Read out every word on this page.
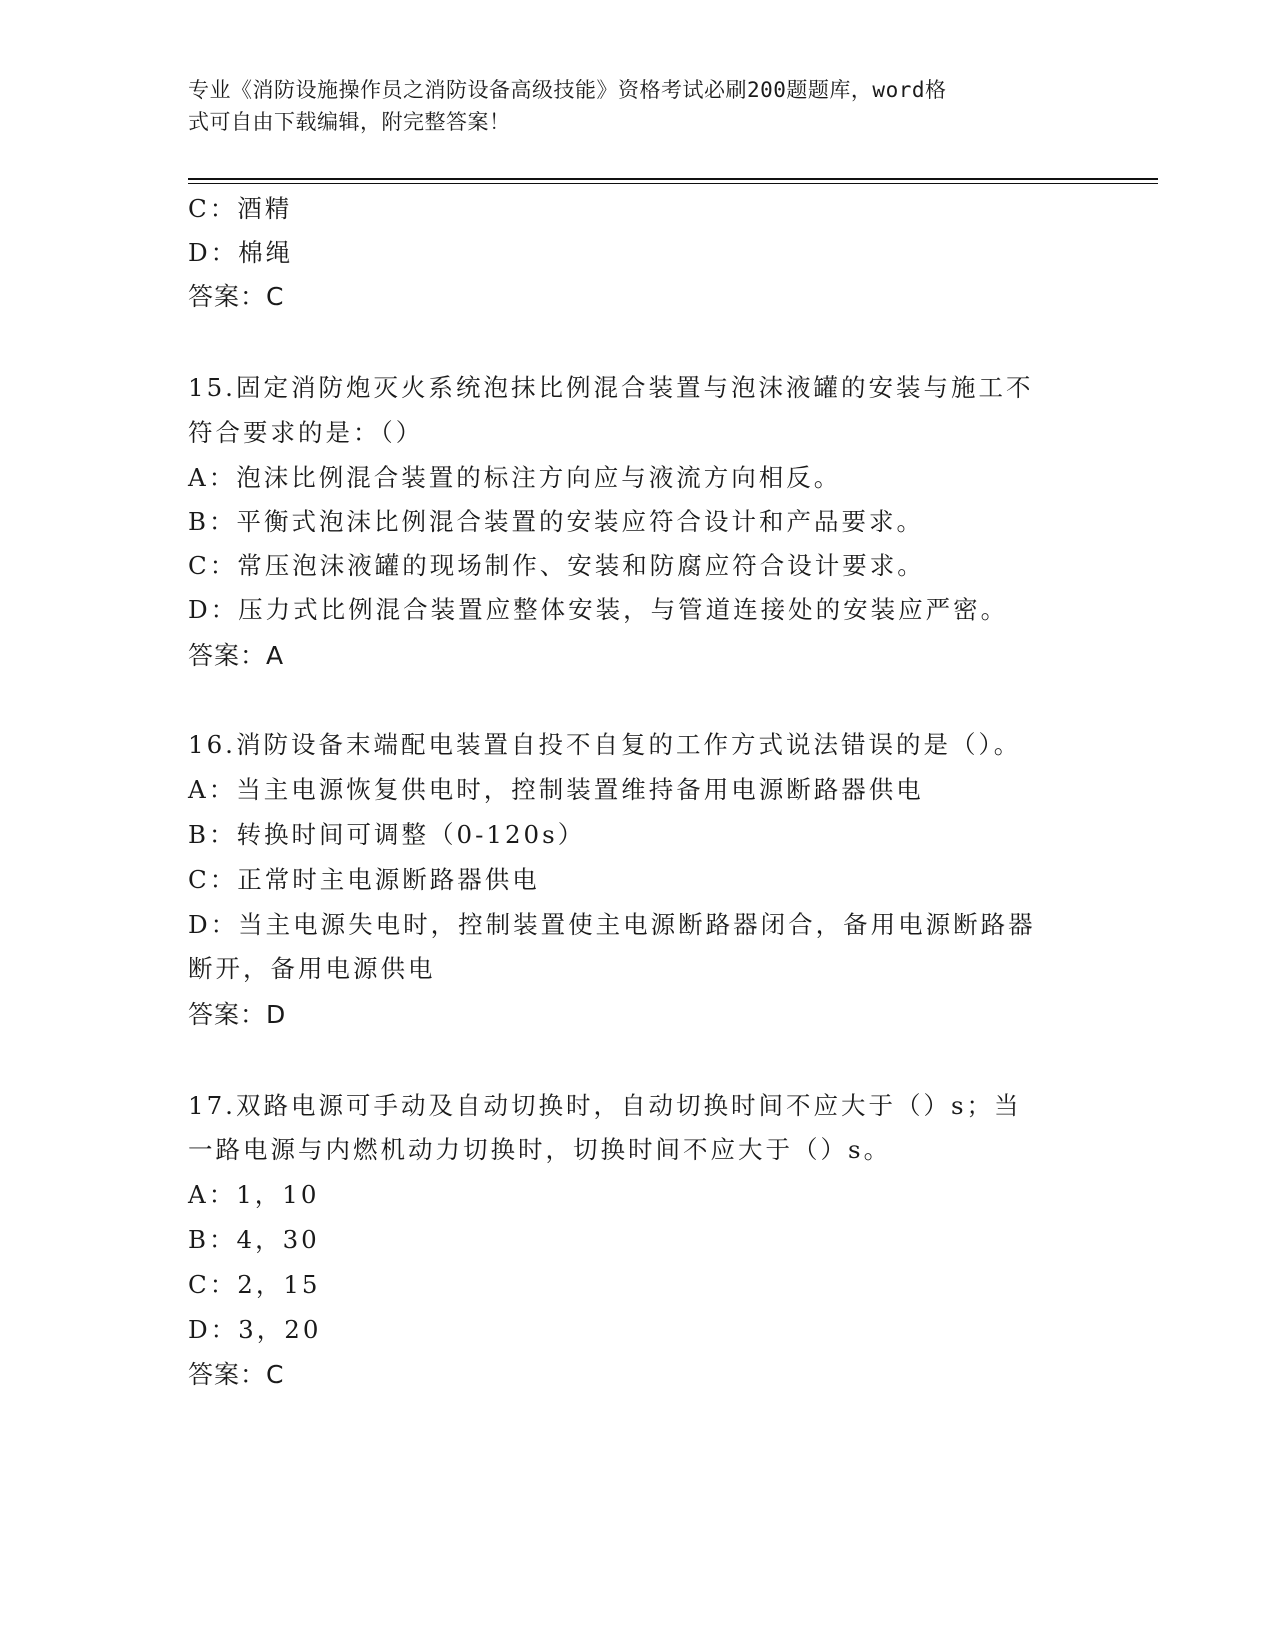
专业《消防设施操作员之消防设备高级技能》资格考试必刷200题题库，word格
式可自由下载编辑，附完整答案！
C：酒精
D：棉绳
答案：C
15.固定消防炮灭火系统泡抹比例混合装置与泡沫液罐的安装与施工不
符合要求的是：（）
A：泡沫比例混合装置的标注方向应与液流方向相反。
B：平衡式泡沫比例混合装置的安装应符合设计和产品要求。
C：常压泡沫液罐的现场制作、安装和防腐应符合设计要求。
D：压力式比例混合装置应整体安装，与管道连接处的安装应严密。
答案：A
16.消防设备末端配电装置自投不自复的工作方式说法错误的是（）。
A：当主电源恢复供电时，控制装置维持备用电源断路器供电
B：转换时间可调整（0-120s）
C：正常时主电源断路器供电
D：当主电源失电时，控制装置使主电源断路器闭合，备用电源断路器
断开，备用电源供电
答案：D
17.双路电源可手动及自动切换时，自动切换时间不应大于（）s；当
一路电源与内燃机动力切换时，切换时间不应大于（）s。
A：1，10
B：4，30
C：2，15
D：3，20
答案：C
